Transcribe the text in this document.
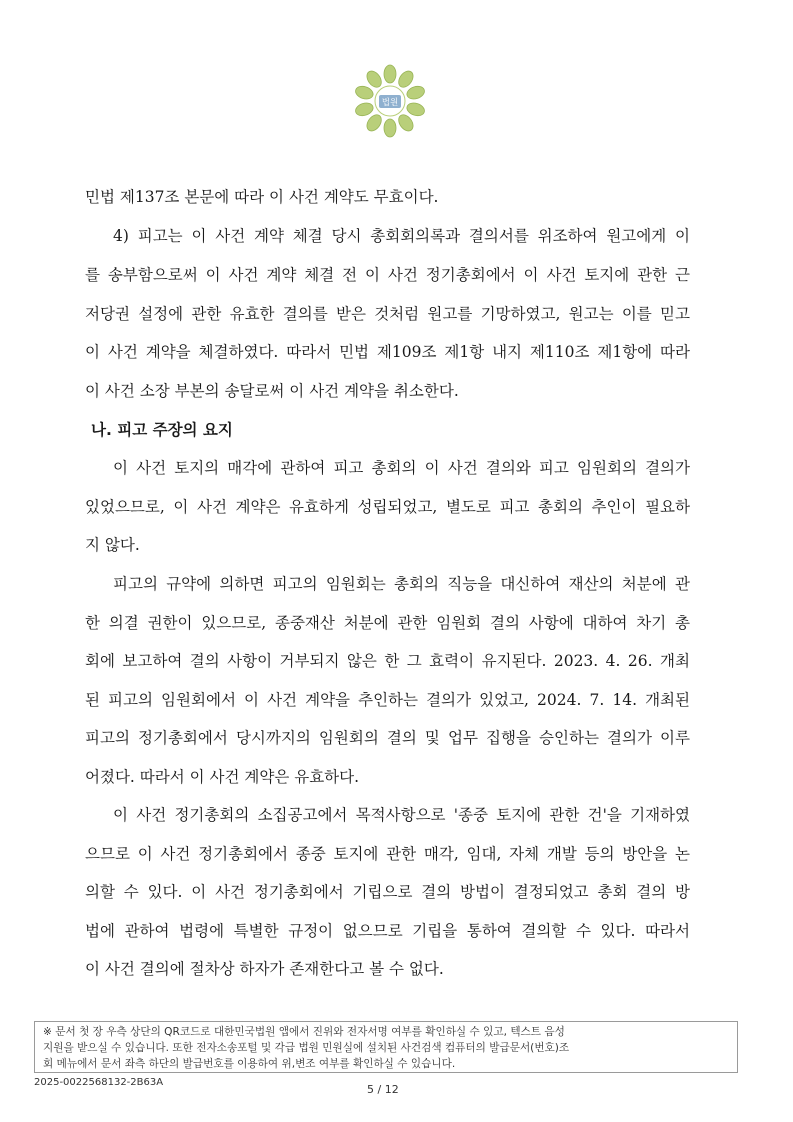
법원
민법 제137조 본문에 따라 이 사건 계약도 무효이다.
4) 피고는 이 사건 계약 체결 당시 총회회의록과 결의서를 위조하여 원고에게 이
를 송부함으로써 이 사건 계약 체결 전 이 사건 정기총회에서 이 사건 토지에 관한 근
저당권 설정에 관한 유효한 결의를 받은 것처럼 원고를 기망하였고, 원고는 이를 믿고
이 사건 계약을 체결하였다. 따라서 민법 제109조 제1항 내지 제110조 제1항에 따라
이 사건 소장 부본의 송달로써 이 사건 계약을 취소한다.
나. 피고 주장의 요지
이 사건 토지의 매각에 관하여 피고 총회의 이 사건 결의와 피고 임원회의 결의가
있었으므로, 이 사건 계약은 유효하게 성립되었고, 별도로 피고 총회의 추인이 필요하
지 않다.
피고의 규약에 의하면 피고의 임원회는 총회의 직능을 대신하여 재산의 처분에 관
한 의결 권한이 있으므로, 종중재산 처분에 관한 임원회 결의 사항에 대하여 차기 총
회에 보고하여 결의 사항이 거부되지 않은 한 그 효력이 유지된다. 2023. 4. 26. 개최
된 피고의 임원회에서 이 사건 계약을 추인하는 결의가 있었고, 2024. 7. 14. 개최된
피고의 정기총회에서 당시까지의 임원회의 결의 및 업무 집행을 승인하는 결의가 이루
어졌다. 따라서 이 사건 계약은 유효하다.
이 사건 정기총회의 소집공고에서 목적사항으로 '종중 토지에 관한 건'을 기재하였
으므로 이 사건 정기총회에서 종중 토지에 관한 매각, 임대, 자체 개발 등의 방안을 논
의할 수 있다. 이 사건 정기총회에서 기립으로 결의 방법이 결정되었고 총회 결의 방
법에 관하여 법령에 특별한 규정이 없으므로 기립을 통하여 결의할 수 있다. 따라서
이 사건 결의에 절차상 하자가 존재한다고 볼 수 없다.
※ 문서 첫 장 우측 상단의 QR코드로 대한민국법원 앱에서 진위와 전자서명 여부를 확인하실 수 있고, 텍스트 음성
지원을 받으실 수 있습니다. 또한 전자소송포털 및 각급 법원 민원실에 설치된 사건검색 컴퓨터의 발급문서(번호)조
회 메뉴에서 문서 좌측 하단의 발급번호를 이용하여 위,변조 여부를 확인하실 수 있습니다.
2025-0022568132-2B63A
5 / 12
